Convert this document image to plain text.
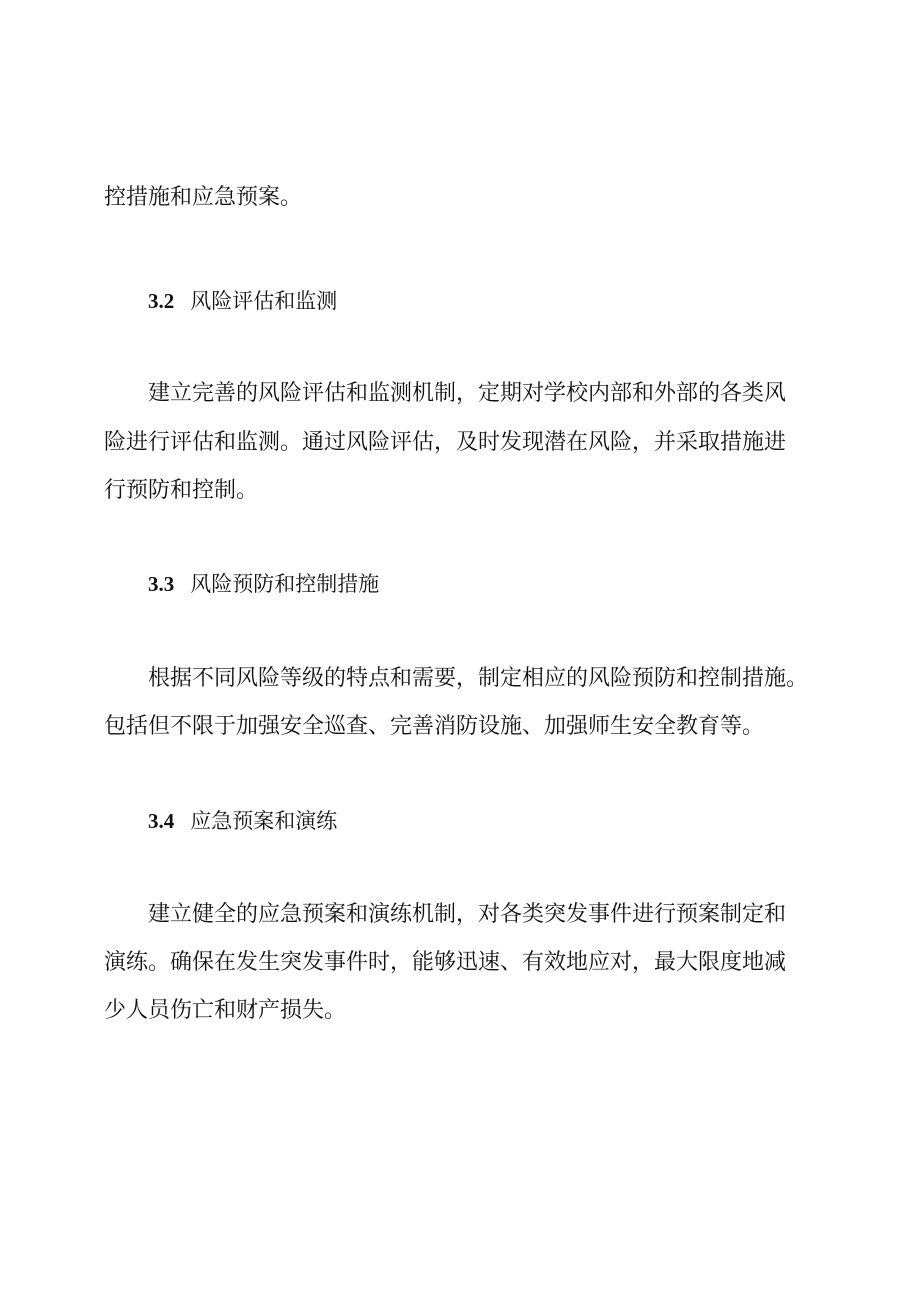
控措施和应急预案。
3.2 风险评估和监测
建立完善的风险评估和监测机制，定期对学校内部和外部的各类风
险进行评估和监测。通过风险评估，及时发现潜在风险，并采取措施进
行预防和控制。
3.3 风险预防和控制措施
根据不同风险等级的特点和需要，制定相应的风险预防和控制措施。
包括但不限于加强安全巡查、完善消防设施、加强师生安全教育等。
3.4 应急预案和演练
建立健全的应急预案和演练机制，对各类突发事件进行预案制定和
演练。确保在发生突发事件时，能够迅速、有效地应对，最大限度地减
少人员伤亡和财产损失。
